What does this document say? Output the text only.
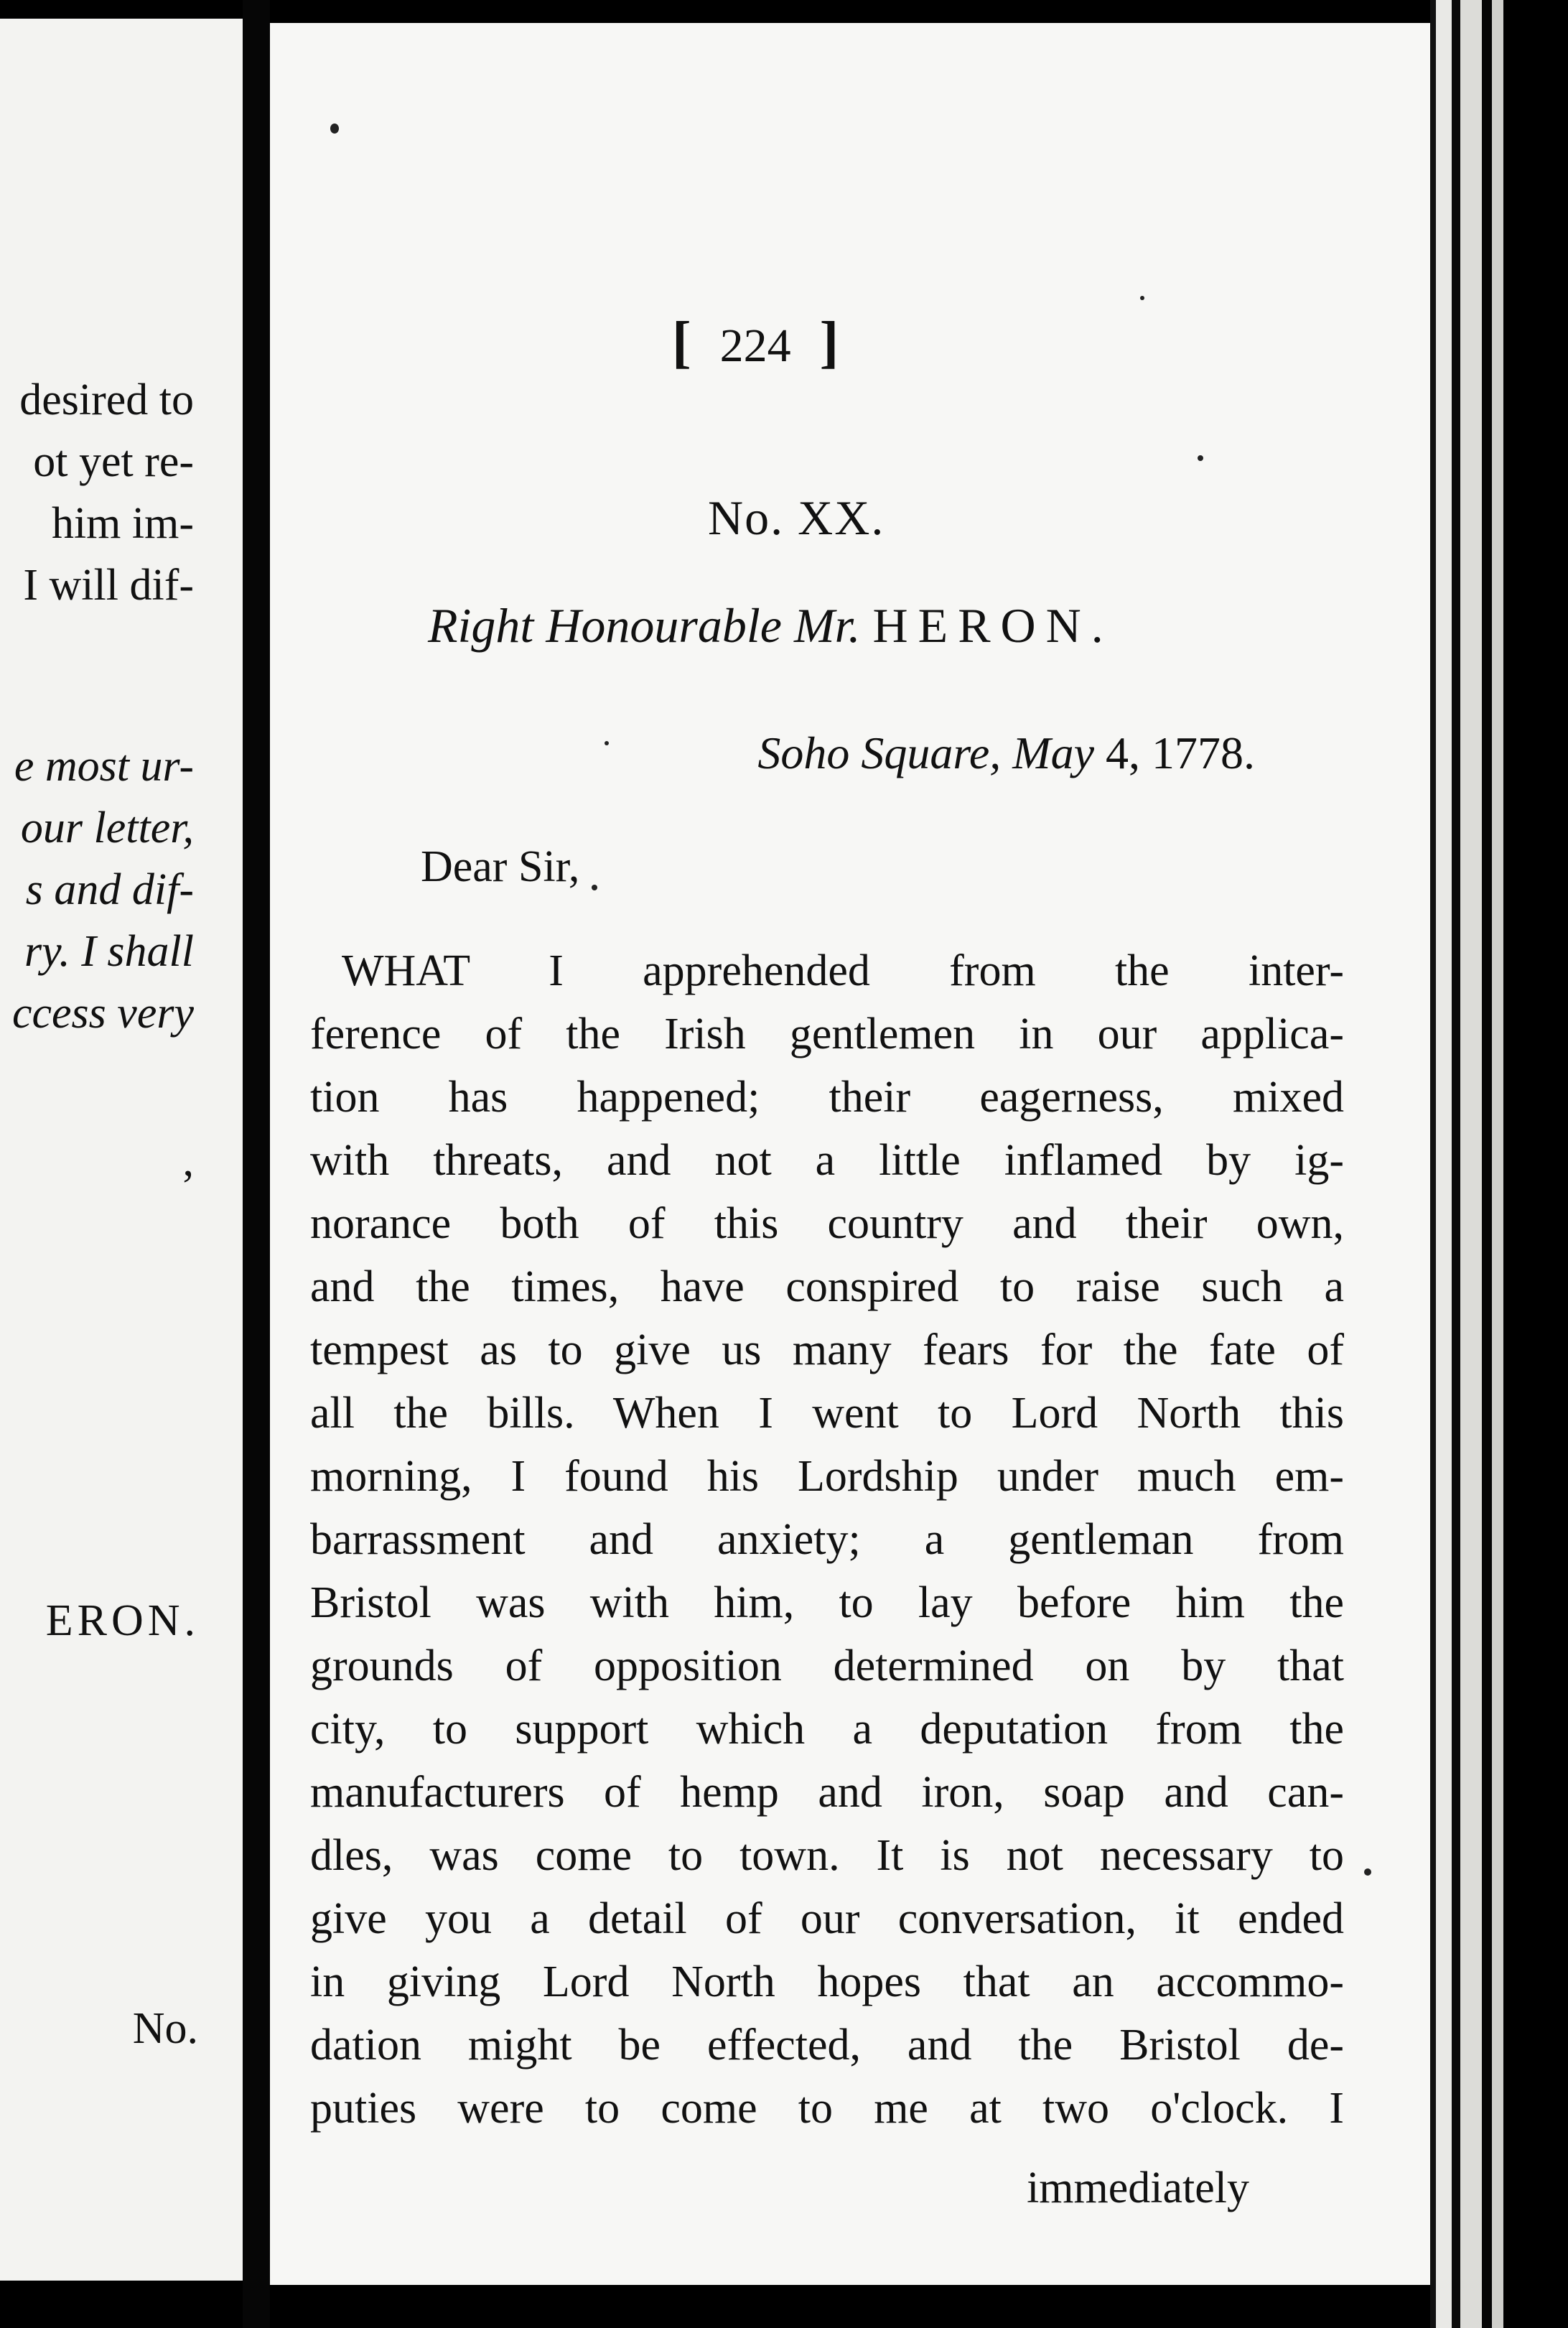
desired to
ot yet re-
him im-
I will dif-
e most ur-
our letter,
s and dif-
ry. I shall
ccess very
,
ERON.
No.
[ 224 ]
No. XX.
Right Honourable Mr. HERON.
Soho Square, May 4, 1778.
Dear Sir,
WHAT I apprehended from the inter-
ference of the Irish gentlemen in our applica-
tion has happened; their eagerness, mixed
with threats, and not a little inflamed by ig-
norance both of this country and their own,
and the times, have conspired to raise such a
tempest as to give us many fears for the fate of
all the bills. When I went to Lord North this
morning, I found his Lordship under much em-
barrassment and anxiety; a gentleman from
Bristol was with him, to lay before him the
grounds of opposition determined on by that
city, to support which a deputation from the
manufacturers of hemp and iron, soap and can-
dles, was come to town. It is not necessary to
give you a detail of our conversation, it ended
in giving Lord North hopes that an accommo-
dation might be effected, and the Bristol de-
puties were to come to me at two o'clock. I
immediately
